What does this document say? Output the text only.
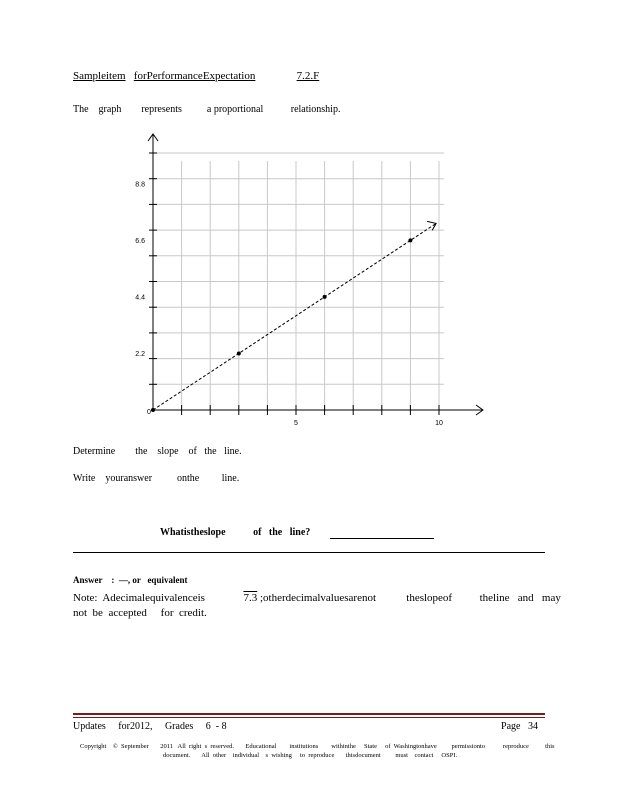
Sampleitem forPerformanceExpectation	7.2.F
The graph represents	a proportional	relationship.
5	10
2.2
4.4
6.6
8.8
0
Determine the slope of the line.
Write youranswer	onthe line.
Whatistheslope	of the line?
Answer : —, or equivalent
Note:  Adecimalequivalenceis	7.3 ;otherdecimalvaluesarenot	theslopeof	theline   and   may
not  be  accepted     for  credit.
Updates for2012, Grades 6  - 8	Page   34
Copyright    ©  September       2011   All  right  s  reserved.       Educational        institutions        withinthe     State     of  Washingtonhave         permissionto           reproduce          this
document.       All  other    individual    s  wishing     to  reproduce       thisdocument         must    contact     OSPI.
